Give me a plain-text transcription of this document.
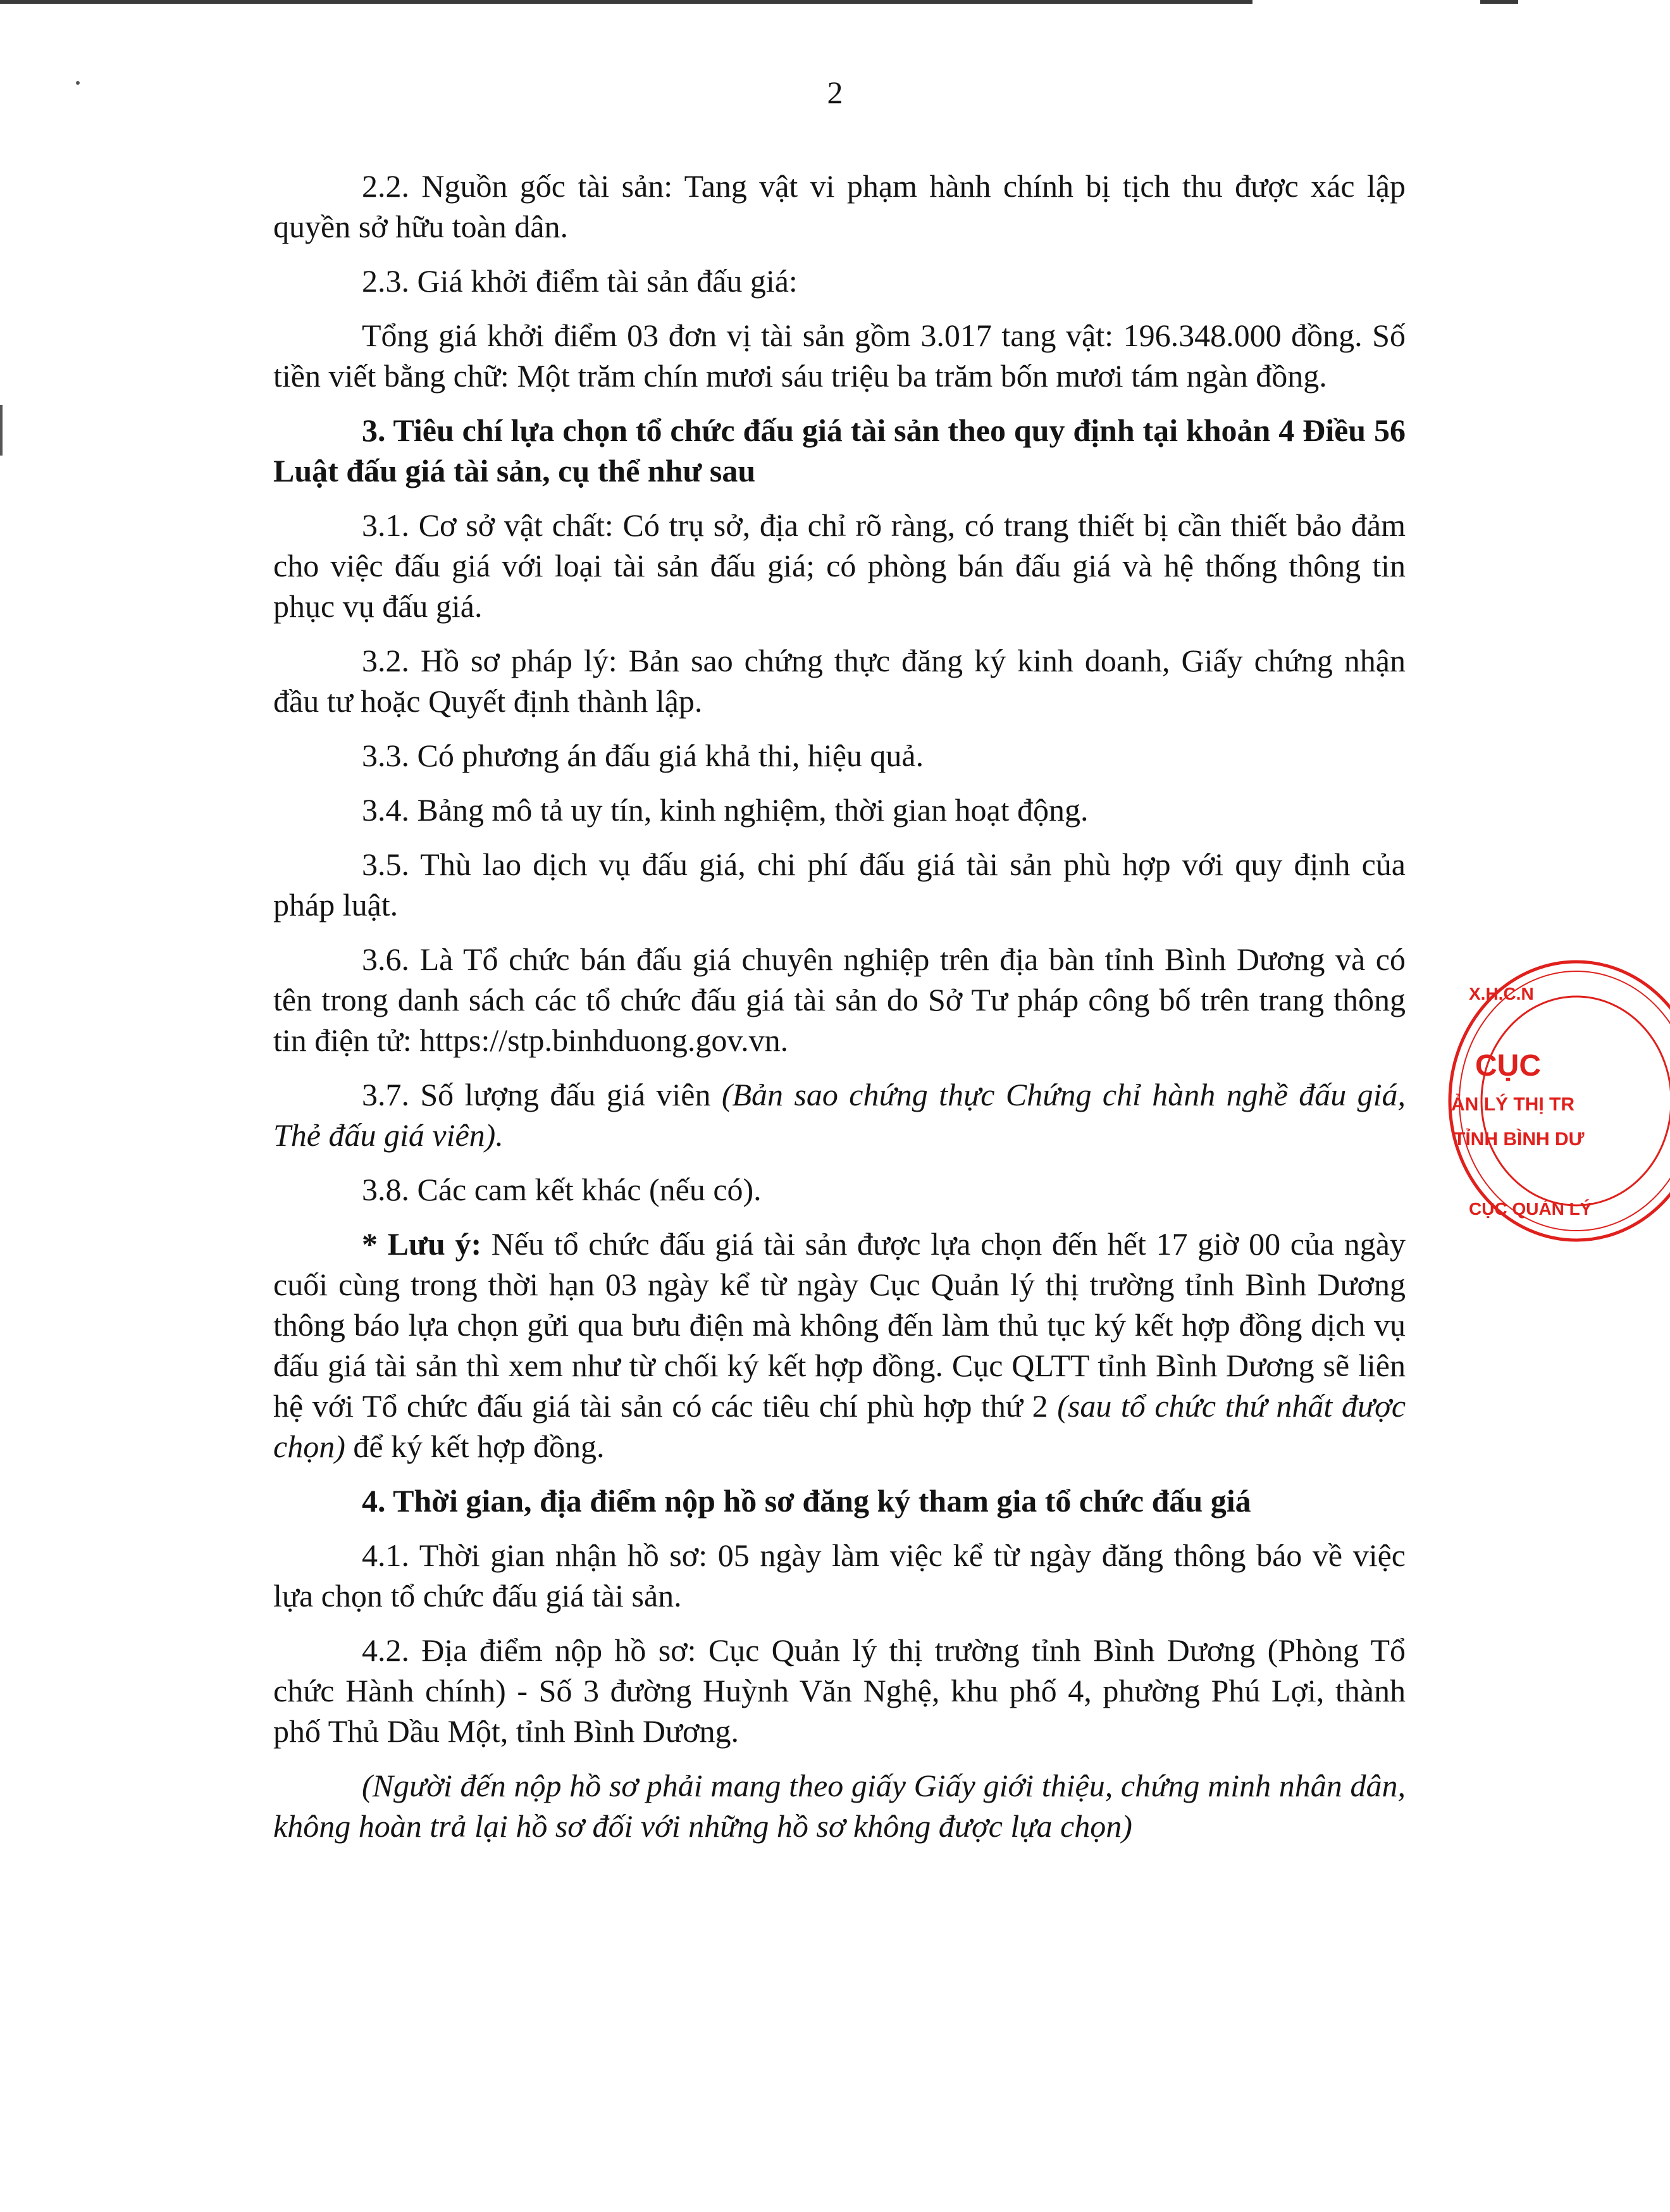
2

2.2. Nguồn gốc tài sản: Tang vật vi phạm hành chính bị tịch thu được xác lập quyền sở hữu toàn dân.

2.3. Giá khởi điểm tài sản đấu giá:

Tổng giá khởi điểm 03 đơn vị tài sản gồm 3.017 tang vật: 196.348.000 đồng. Số tiền viết bằng chữ: Một trăm chín mươi sáu triệu ba trăm bốn mươi tám ngàn đồng.

3. Tiêu chí lựa chọn tổ chức đấu giá tài sản theo quy định tại khoản 4 Điều 56 Luật đấu giá tài sản, cụ thể như sau

3.1. Cơ sở vật chất: Có trụ sở, địa chỉ rõ ràng, có trang thiết bị cần thiết bảo đảm cho việc đấu giá với loại tài sản đấu giá; có phòng bán đấu giá và hệ thống thông tin phục vụ đấu giá.

3.2. Hồ sơ pháp lý: Bản sao chứng thực đăng ký kinh doanh, Giấy chứng nhận đầu tư hoặc Quyết định thành lập.

3.3. Có phương án đấu giá khả thi, hiệu quả.

3.4. Bảng mô tả uy tín, kinh nghiệm, thời gian hoạt động.

3.5. Thù lao dịch vụ đấu giá, chi phí đấu giá tài sản phù hợp với quy định của pháp luật.

3.6. Là Tổ chức bán đấu giá chuyên nghiệp trên địa bàn tỉnh Bình Dương và có tên trong danh sách các tổ chức đấu giá tài sản do Sở Tư pháp công bố trên trang thông tin điện tử: https://stp.binhduong.gov.vn.

3.7. Số lượng đấu giá viên (Bản sao chứng thực Chứng chỉ hành nghề đấu giá, Thẻ đấu giá viên).

3.8. Các cam kết khác (nếu có).

* Lưu ý: Nếu tổ chức đấu giá tài sản được lựa chọn đến hết 17 giờ 00 của ngày cuối cùng trong thời hạn 03 ngày kể từ ngày Cục Quản lý thị trường tỉnh Bình Dương thông báo lựa chọn gửi qua bưu điện mà không đến làm thủ tục ký kết hợp đồng dịch vụ đấu giá tài sản thì xem như từ chối ký kết hợp đồng. Cục QLTT tỉnh Bình Dương sẽ liên hệ với Tổ chức đấu giá tài sản có các tiêu chí phù hợp thứ 2 (sau tổ chức thứ nhất được chọn) để ký kết hợp đồng.

4. Thời gian, địa điểm nộp hồ sơ đăng ký tham gia tổ chức đấu giá

4.1. Thời gian nhận hồ sơ: 05 ngày làm việc kể từ ngày đăng thông báo về việc lựa chọn tổ chức đấu giá tài sản.

4.2. Địa điểm nộp hồ sơ: Cục Quản lý thị trường tỉnh Bình Dương (Phòng Tổ chức Hành chính) - Số 3 đường Huỳnh Văn Nghệ, khu phố 4, phường Phú Lợi, thành phố Thủ Dầu Một, tỉnh Bình Dương.

(Người đến nộp hồ sơ phải mang theo giấy Giấy giới thiệu, chứng minh nhân dân, không hoàn trả lại hồ sơ đối với những hồ sơ không được lựa chọn)

X.H.C.N
CỤC
ẢN LÝ THỊ TR
TỈNH BÌNH DƯ
CỤC QUẢN LÝ
